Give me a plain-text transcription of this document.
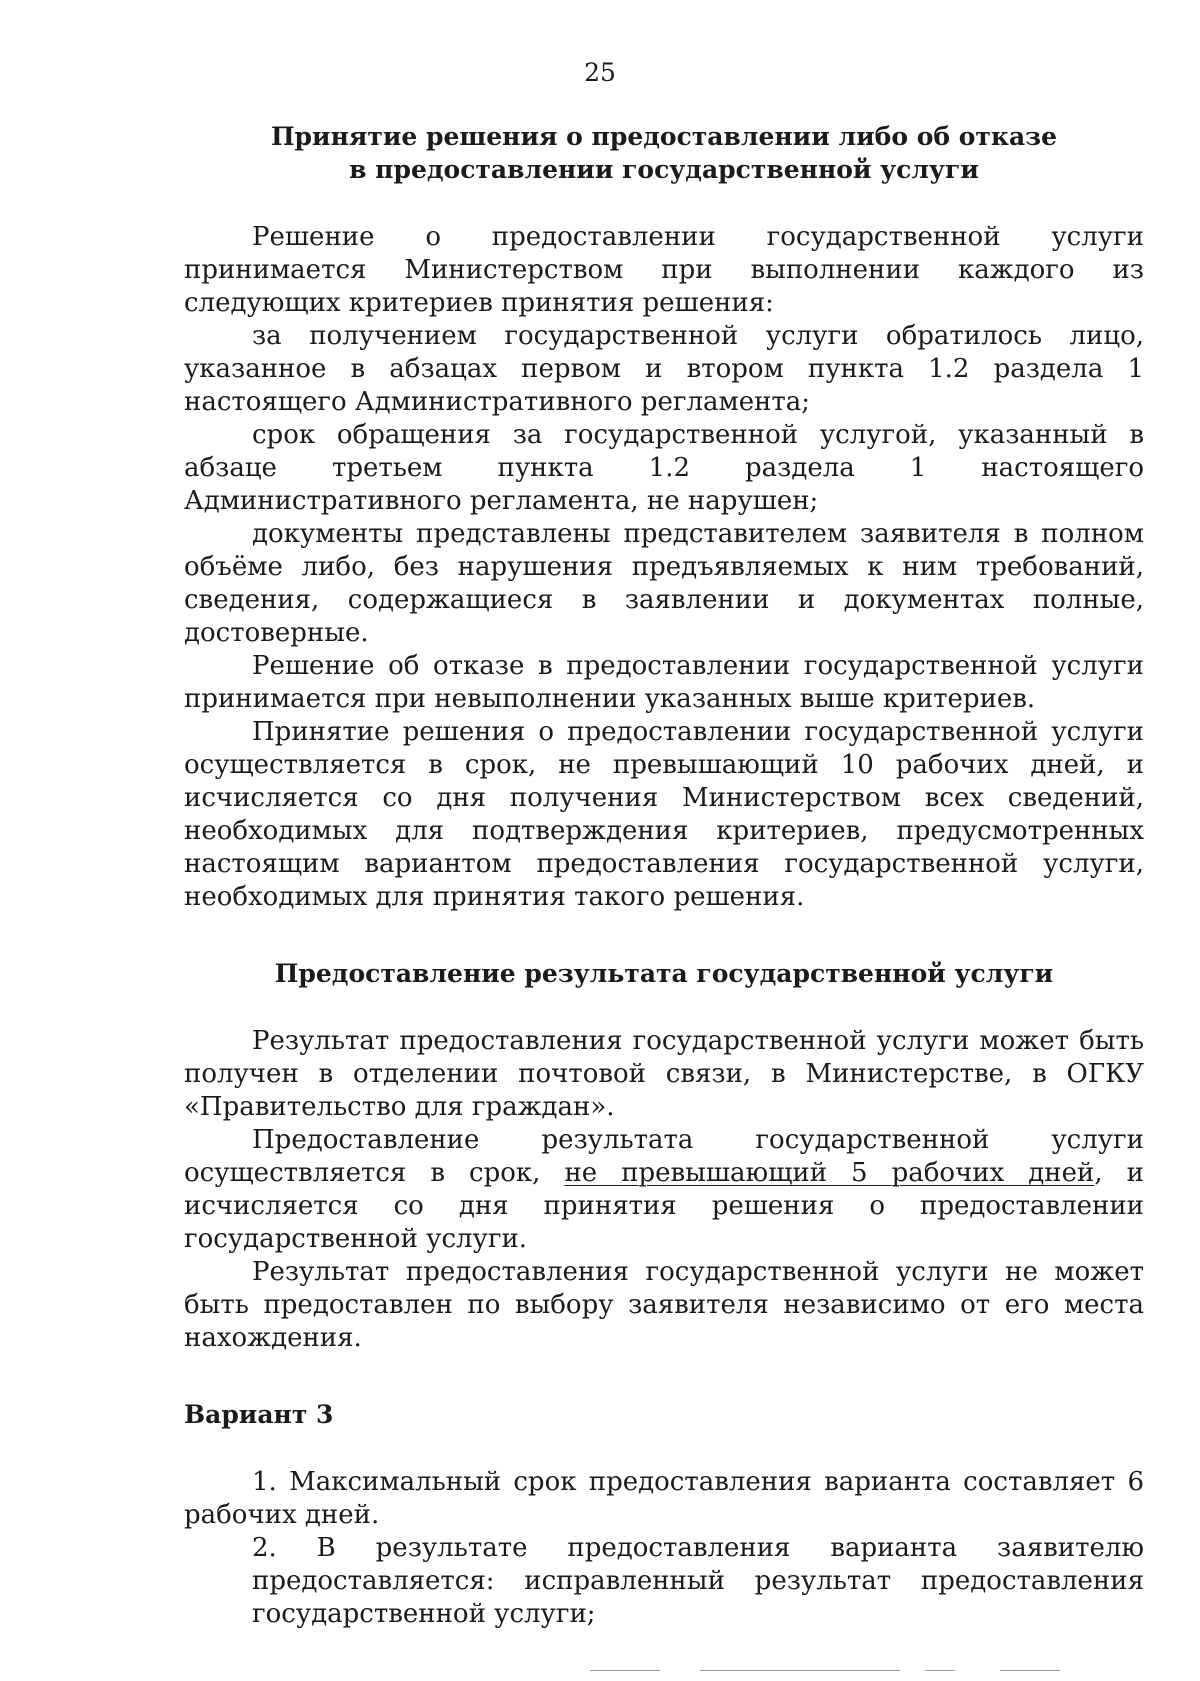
25

Принятие решения о предоставлении либо об отказе

в предоставлении государственной услуги

Решение о предоставлении государственной услуги принимается Министерством при выполнении каждого из следующих критериев принятия решения:

за получением государственной услуги обратилось лицо, указанное в абзацах первом и втором пункта 1.2 раздела 1 настоящего Административного регламента;

срок обращения за государственной услугой, указанный в абзаце третьем пункта 1.2 раздела 1 настоящего Административного регламента, не нарушен;

документы представлены представителем заявителя в полном объёме либо, без нарушения предъявляемых к ним требований, сведения, содержащиеся в заявлении и документах полные, достоверные.

Решение об отказе в предоставлении государственной услуги принимается при невыполнении указанных выше критериев.

Принятие решения о предоставлении государственной услуги осуществляется в срок, не превышающий 10 рабочих дней, и исчисляется со дня получения Министерством всех сведений, необходимых для подтверждения критериев, предусмотренных настоящим вариантом предоставления государственной услуги, необходимых для принятия такого решения.

Предоставление результата государственной услуги

Результат предоставления государственной услуги может быть получен в отделении почтовой связи, в Министерстве, в ОГКУ «Правительство для граждан».

Предоставление результата государственной услуги осуществляется в срок, не превышающий 5 рабочих дней, и исчисляется со дня принятия решения о предоставлении государственной услуги.

Результат предоставления государственной услуги не может быть предоставлен по выбору заявителя независимо от его места нахождения.

Вариант 3

1. Максимальный срок предоставления варианта составляет 6 рабочих дней.

2. В результате предоставления варианта заявителю предоставляется: исправленный результат предоставления государственной услуги;
